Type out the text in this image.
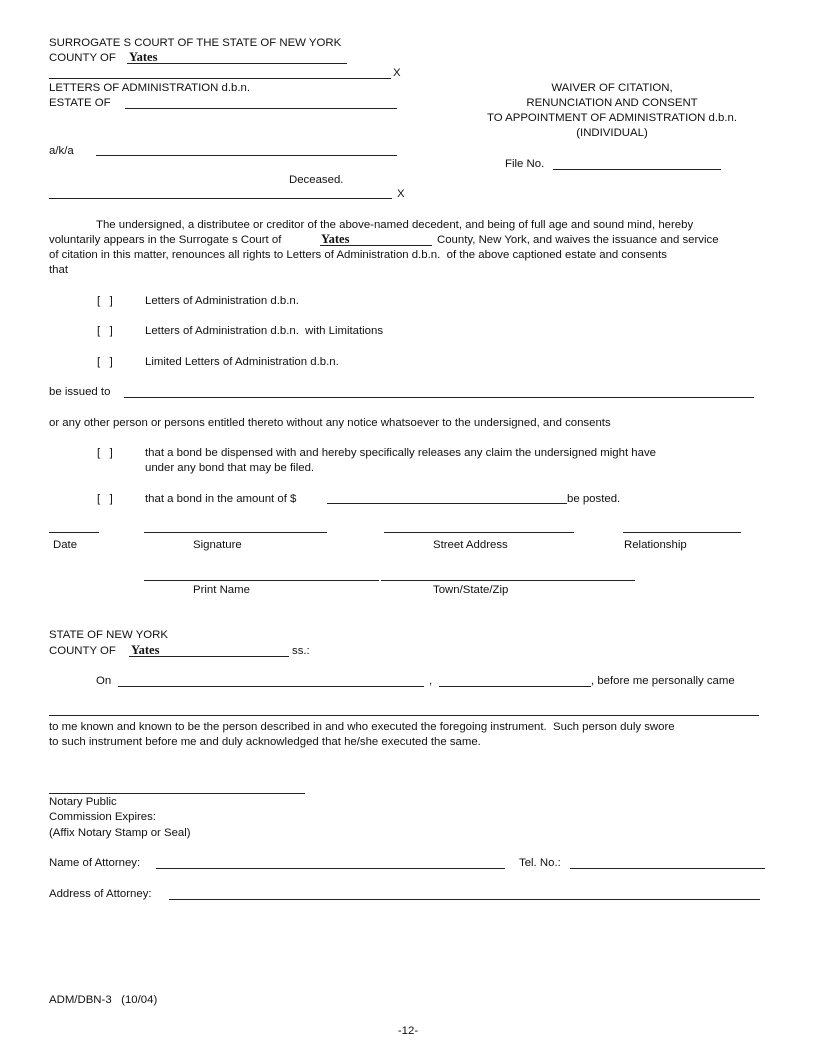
SURROGATE S COURT OF THE STATE OF NEW YORK
COUNTY OF Yates
X
LETTERS OF ADMINISTRATION d.b.n.
ESTATE OF
a/k/a
Deceased.
X
WAIVER OF CITATION,
RENUNCIATION AND CONSENT
TO APPOINTMENT OF ADMINISTRATION d.b.n.
(INDIVIDUAL)
File No.
The undersigned, a distributee or creditor of the above-named decedent, and being of full age and sound mind, hereby
voluntarily appears in the Surrogate s Court of	Yates	County, New York, and waives the issuance and service
of citation in this matter, renounces all rights to Letters of Administration d.b.n.  of the above captioned estate and consents
that
[   ]	Letters of Administration d.b.n.
[   ]	Letters of Administration d.b.n.  with Limitations
[   ]	Limited Letters of Administration d.b.n.
be issued to
or any other person or persons entitled thereto without any notice whatsoever to the undersigned, and consents
[   ]	that a bond be dispensed with and hereby specifically releases any claim the undersigned might have
under any bond that may be filed.
[   ]	that a bond in the amount of $	be posted.
Date	Signature	Street Address	Relationship
Print Name	Town/State/Zip
STATE OF NEW YORK
COUNTY OF Yates	ss.:
On	,	, before me personally came
to me known and known to be the person described in and who executed the foregoing instrument.  Such person duly swore
to such instrument before me and duly acknowledged that he/she executed the same.
Notary Public
Commission Expires:
(Affix Notary Stamp or Seal)
Name of Attorney:	Tel. No.:
Address of Attorney:
ADM/DBN-3   (10/04)
-12-
